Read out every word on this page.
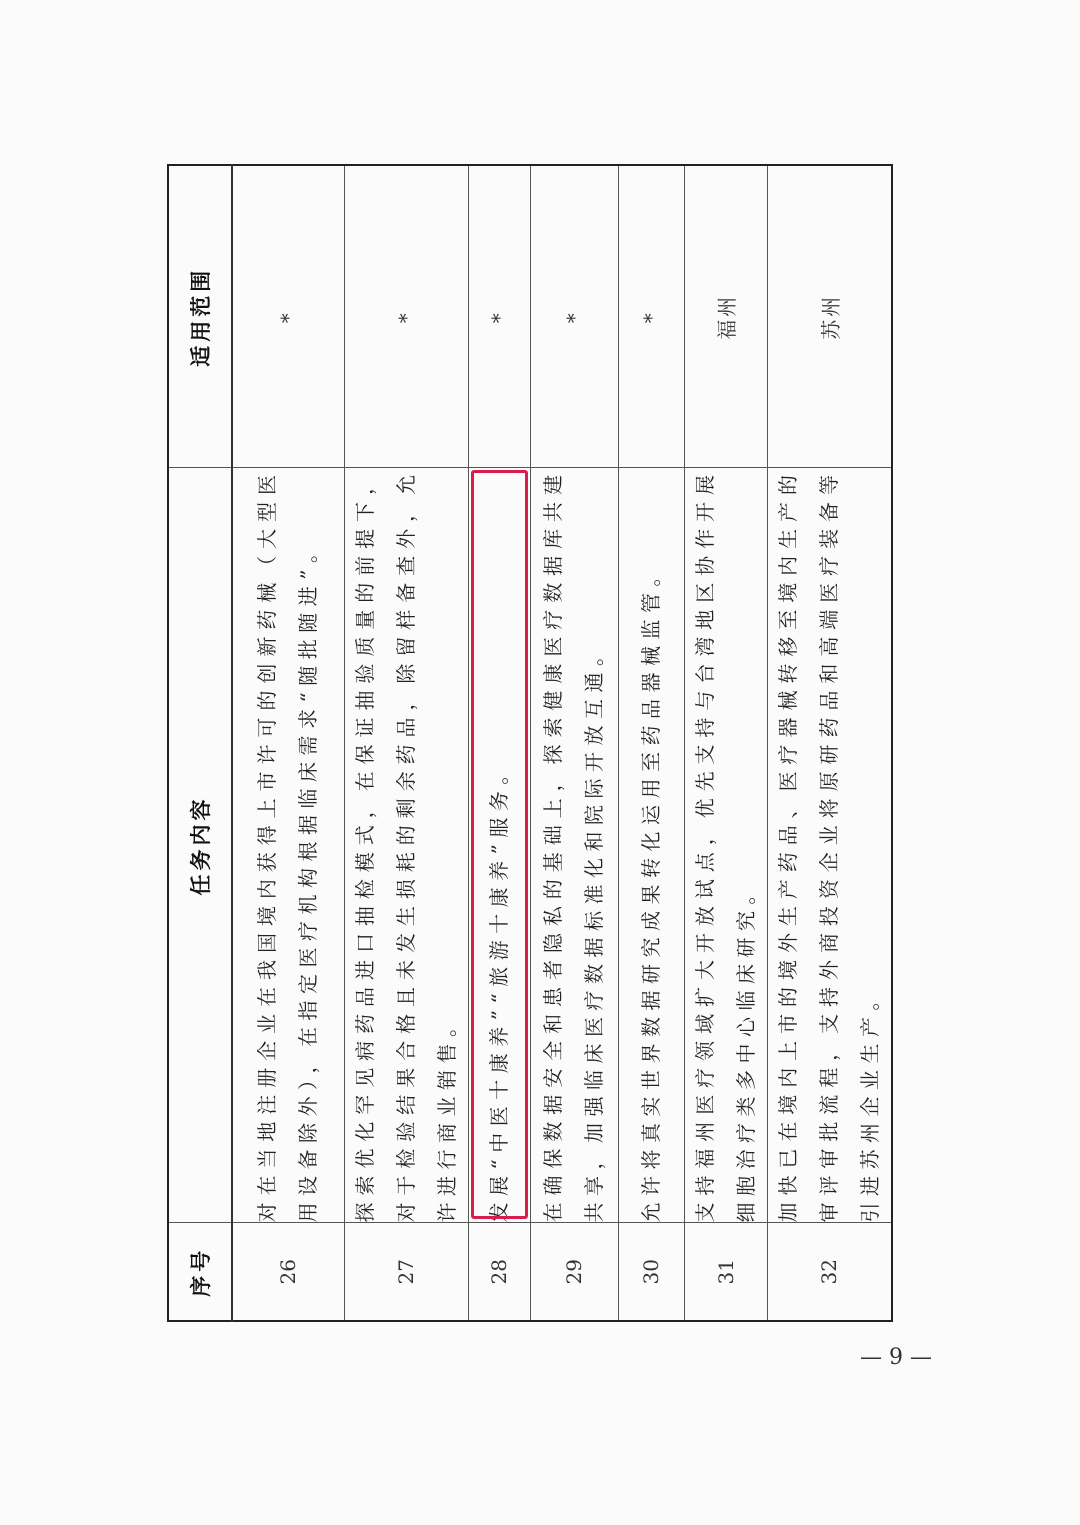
序号	任务内容	适用范围
26	对在当地注册企业在我国境内获得上市许可的创新药械（大型医用设备除外），在指定医疗机构根据临床需求“随批随进”。	*
27	探索优化罕见病药品进口抽检模式，在保证抽验质量的前提下，对于检验结果合格且未发生损耗的剩余药品，除留样备查外，允许进行商业销售。	*
28	发展“中医十康养”“旅游十康养”服务。	*
29	在确保数据安全和患者隐私的基础上，探索健康医疗数据库共建共享，加强临床医疗数据标准化和院际开放互通。	*
30	允许将真实世界数据研究成果转化运用至药品器械监管。	*
31	支持福州医疗领域扩大开放试点，优先支持与台湾地区协作开展细胞治疗类多中心临床研究。	福州
32	加快已在境内上市的境外生产药品、医疗器械转移至境内生产的审评审批流程，支持外商投资企业将原研药品和高端医疗装备等引进苏州企业生产。	苏州
— 9 —
